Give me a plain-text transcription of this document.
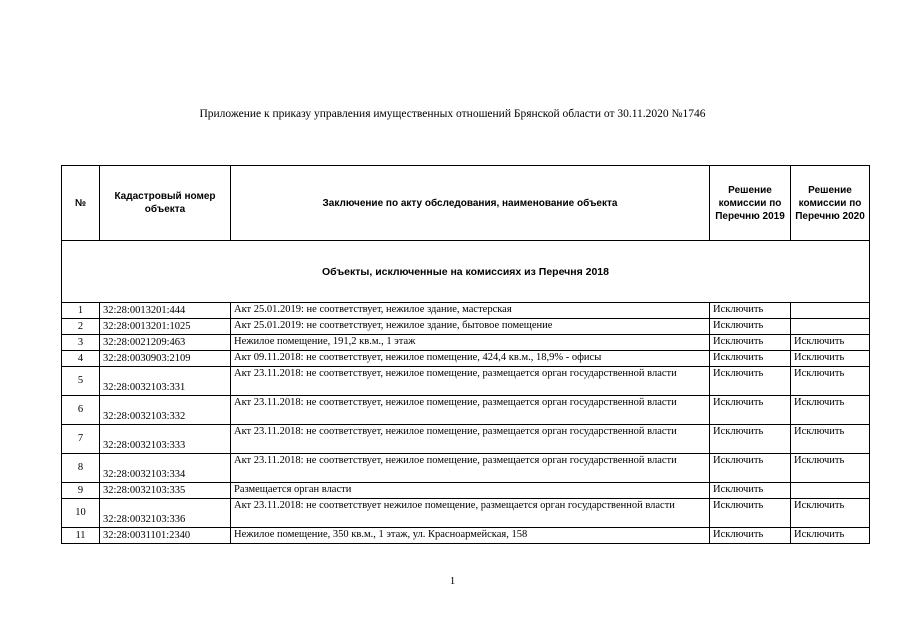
Приложение к приказу управления имущественных отношений Брянской области от 30.11.2020 №1746
№	Кадастровый номер объекта	Заключение по акту обследования, наименование объекта	Решение комиссии по Перечню 2019	Решение комиссии по Перечню 2020
Объекты, исключенные на комиссиях из Перечня 2018				
1	32:28:0013201:444	Акт 25.01.2019: не соответствует, нежилое здание, мастерская	Исключить	
2	32:28:0013201:1025	Акт 25.01.2019: не соответствует, нежилое здание, бытовое помещение	Исключить	
3	32:28:0021209:463	Нежилое помещение, 191,2 кв.м., 1 этаж	Исключить	Исключить
4	32:28:0030903:2109	Акт 09.11.2018: не соответствует, нежилое помещение, 424,4 кв.м., 18,9% - офисы	Исключить	Исключить
5	32:28:0032103:331	Акт 23.11.2018: не соответствует, нежилое помещение, размещается орган государственной власти	Исключить	Исключить
6	32:28:0032103:332	Акт 23.11.2018: не соответствует, нежилое помещение, размещается орган государственной власти	Исключить	Исключить
7	32:28:0032103:333	Акт 23.11.2018: не соответствует, нежилое помещение, размещается орган государственной власти	Исключить	Исключить
8	32:28:0032103:334	Акт 23.11.2018: не соответствует, нежилое помещение, размещается орган государственной власти	Исключить	Исключить
9	32:28:0032103:335	Размещается орган власти	Исключить	
10	32:28:0032103:336	Акт 23.11.2018: не соответствует нежилое помещение, размещается орган государственной власти	Исключить	Исключить
11	32:28:0031101:2340	Нежилое помещение, 350 кв.м., 1 этаж, ул. Красноармейская, 158	Исключить	Исключить
1
